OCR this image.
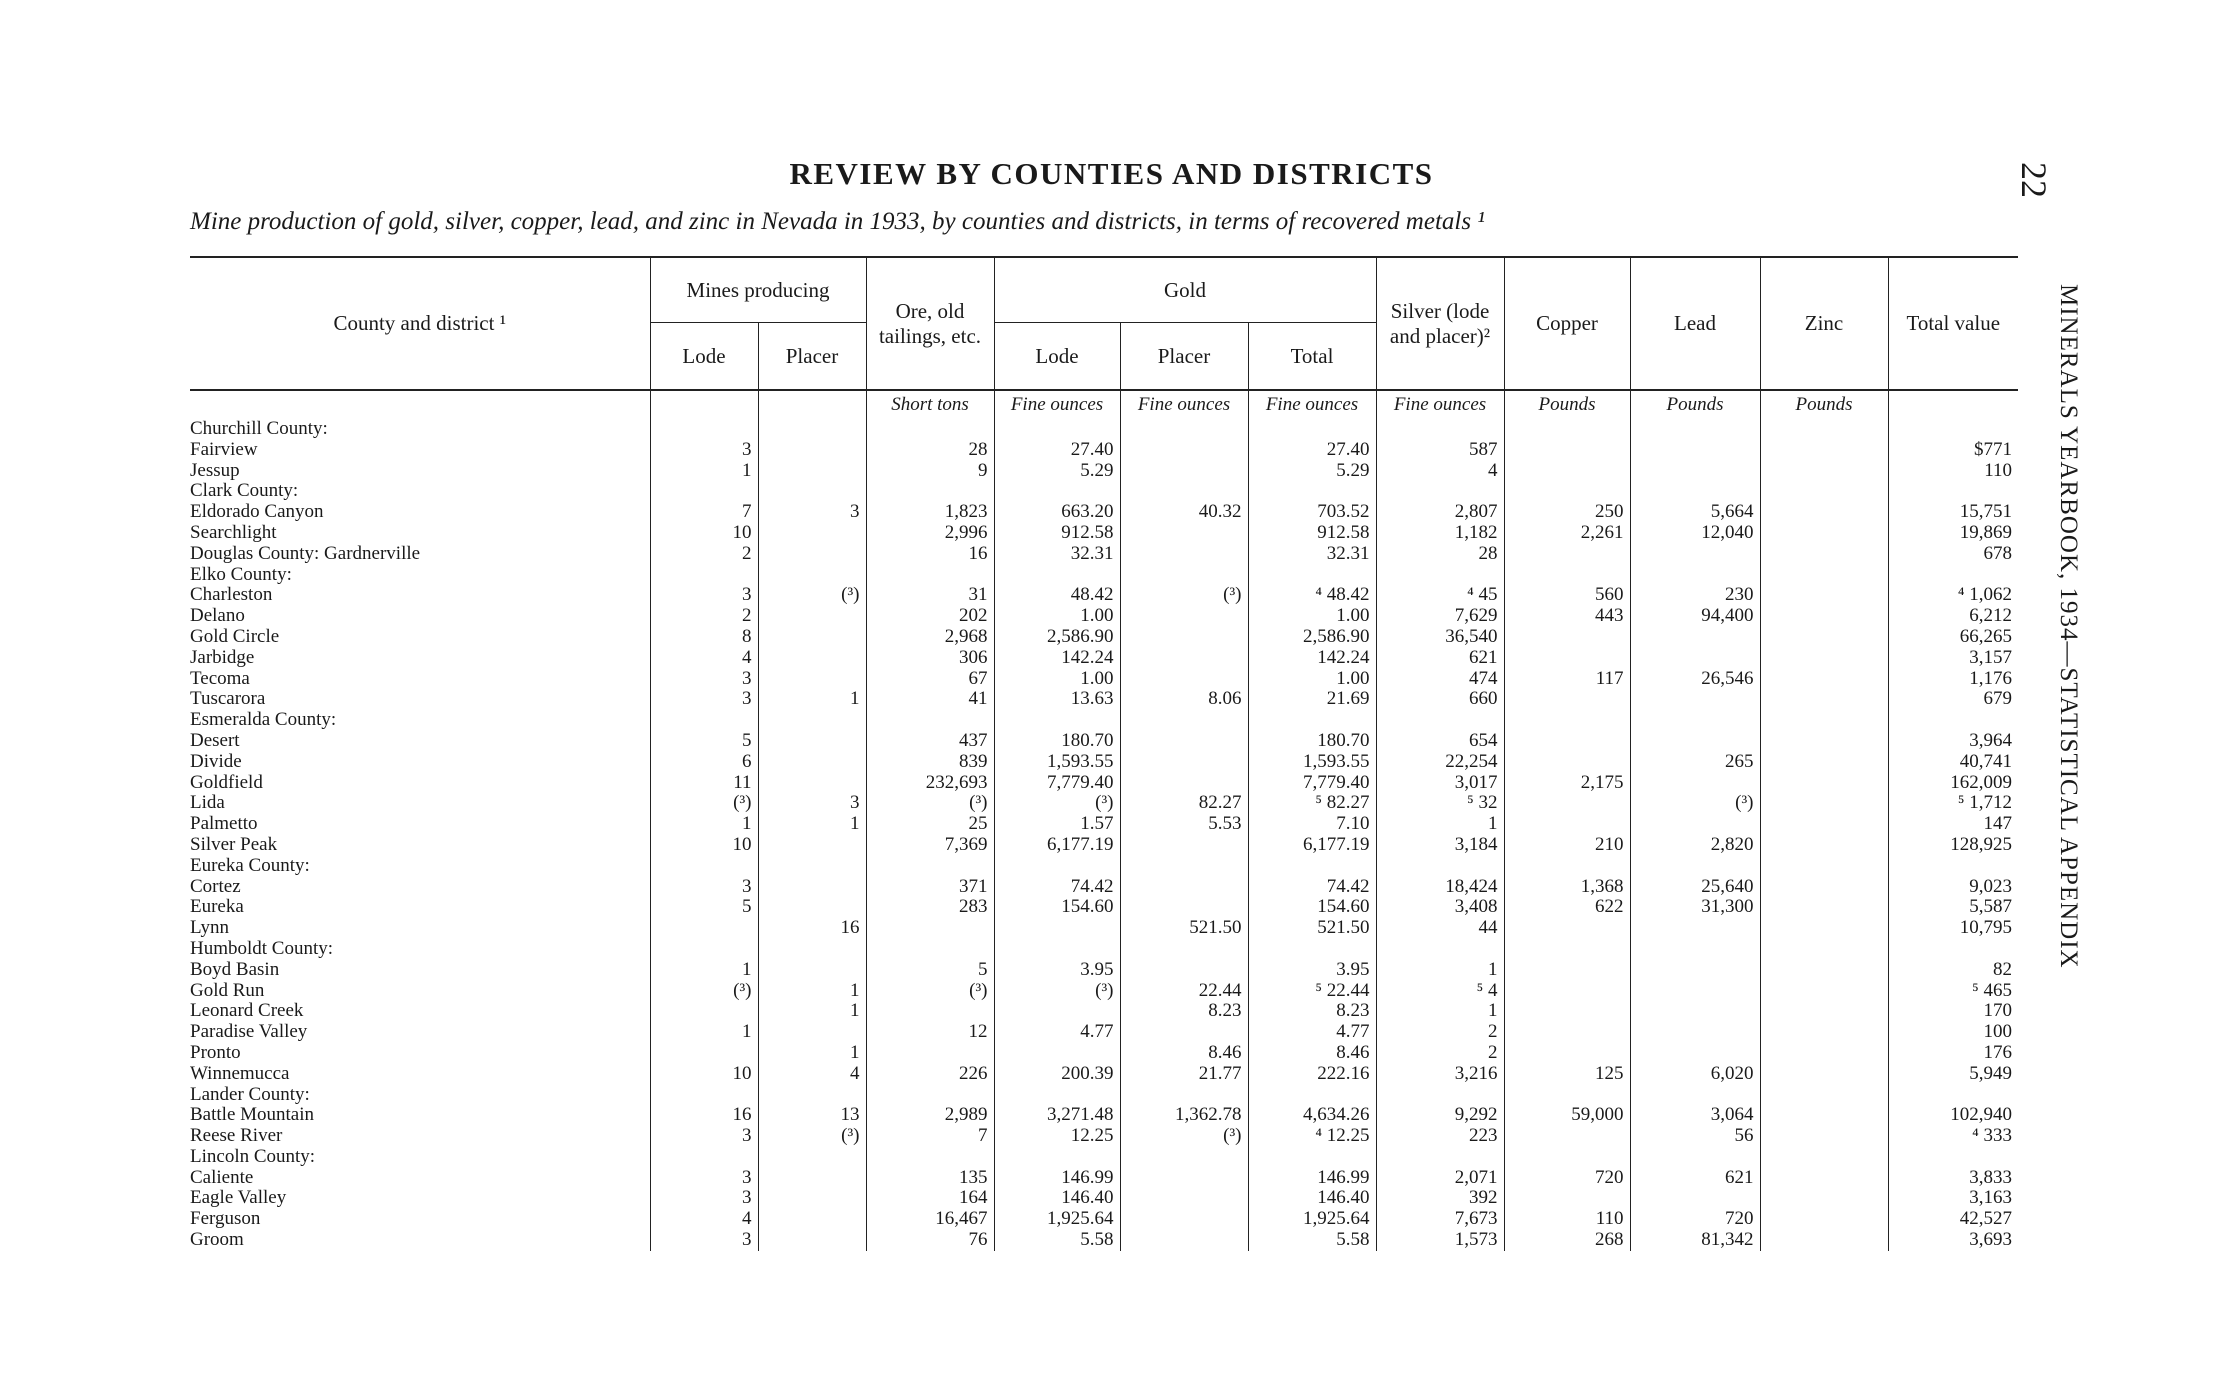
REVIEW BY COUNTIES AND DISTRICTS
Mine production of gold, silver, copper, lead, and zinc in Nevada in 1933, by counties and districts, in terms of recovered metals ¹
22
MINERALS YEARBOOK, 1934—STATISTICAL APPENDIX
County and district ¹	Mines producing		Ore, old tailings, etc.	Gold			Silver (lode and placer)²	Copper	Lead	Zinc	Total value
	Lode	Placer		Lode	Placer	Total					
			Short tons	Fine ounces	Fine ounces	Fine ounces	Fine ounces	Pounds	Pounds	Pounds	
Churchill County:											
Fairview	3		28	27.40		27.40	587				$771
Jessup	1		9	5.29		5.29	4				110
Clark County:											
Eldorado Canyon	7	3	1,823	663.20	40.32	703.52	2,807	250	5,664		15,751
Searchlight	10		2,996	912.58		912.58	1,182	2,261	12,040		19,869
Douglas County: Gardnerville	2		16	32.31		32.31	28				678
Elko County:											
Charleston	3	(³)	31	48.42	(³)	⁴ 48.42	⁴ 45	560	230		⁴ 1,062
Delano	2		202	1.00		1.00	7,629	443	94,400		6,212
Gold Circle	8		2,968	2,586.90		2,586.90	36,540				66,265
Jarbidge	4		306	142.24		142.24	621				3,157
Tecoma	3		67	1.00		1.00	474	117	26,546		1,176
Tuscarora	3	1	41	13.63	8.06	21.69	660				679
Esmeralda County:											
Desert	5		437	180.70		180.70	654				3,964
Divide	6		839	1,593.55		1,593.55	22,254		265		40,741
Goldfield	11		232,693	7,779.40		7,779.40	3,017	2,175			162,009
Lida	(³)	3	(³)	(³)	82.27	⁵ 82.27	⁵ 32		(³)		⁵ 1,712
Palmetto	1	1	25	1.57	5.53	7.10	1				147
Silver Peak	10		7,369	6,177.19		6,177.19	3,184	210	2,820		128,925
Eureka County:											
Cortez	3		371	74.42		74.42	18,424	1,368	25,640		9,023
Eureka	5		283	154.60		154.60	3,408	622	31,300		5,587
Lynn		16			521.50	521.50	44				10,795
Humboldt County:											
Boyd Basin	1		5	3.95		3.95	1				82
Gold Run	(³)	1	(³)	(³)	22.44	⁵ 22.44	⁵ 4				⁵ 465
Leonard Creek		1			8.23	8.23	1				170
Paradise Valley	1		12	4.77		4.77	2				100
Pronto		1			8.46	8.46	2				176
Winnemucca	10	4	226	200.39	21.77	222.16	3,216	125	6,020		5,949
Lander County:											
Battle Mountain	16	13	2,989	3,271.48	1,362.78	4,634.26	9,292	59,000	3,064		102,940
Reese River	3	(³)	7	12.25	(³)	⁴ 12.25	223		56		⁴ 333
Lincoln County:											
Caliente	3		135	146.99		146.99	2,071	720	621		3,833
Eagle Valley	3		164	146.40		146.40	392				3,163
Ferguson	4		16,467	1,925.64		1,925.64	7,673	110	720		42,527
Groom	3		76	5.58		5.58	1,573	268	81,342		3,693
